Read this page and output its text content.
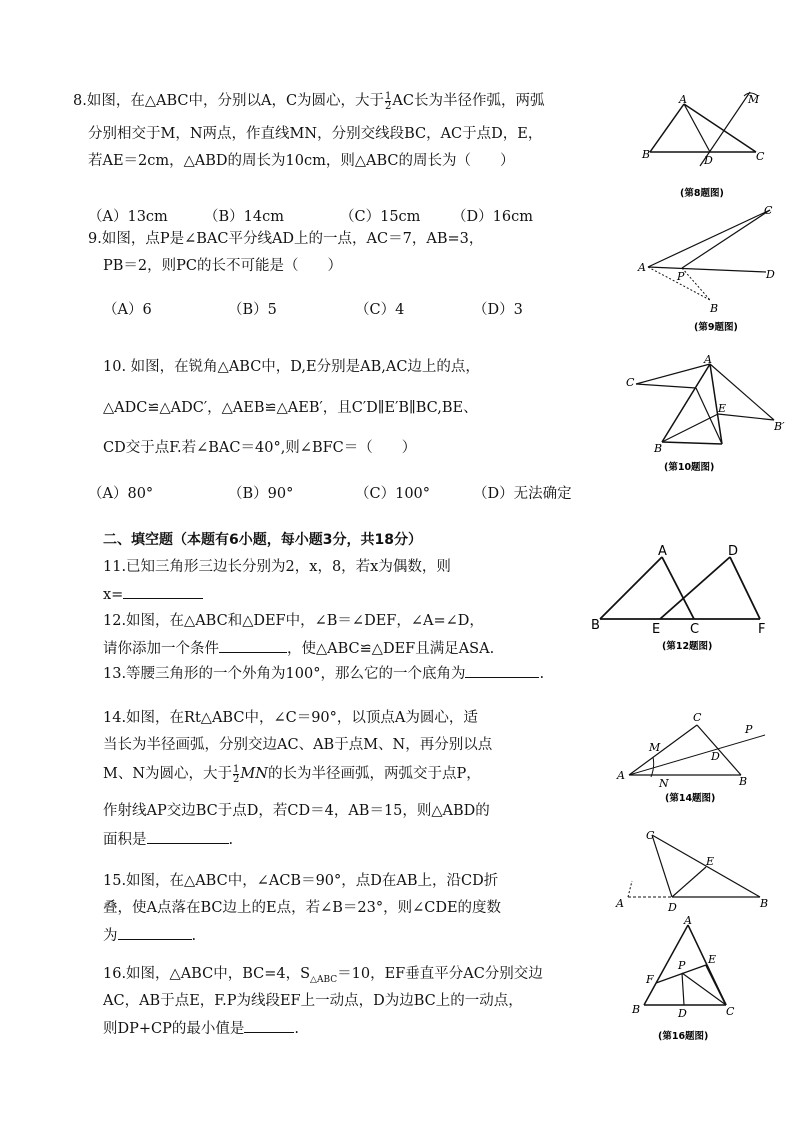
8.如图，在△ABC中，分别以A，C为圆心，大于 $\frac{1}{2}$ AC长为半径作弧，两弧
分别相交于M，N两点，作直线MN，分别交线段BC，AC于点D，E，
若AE＝2cm，△ABD的周长为10cm，则△ABC的周长为（　　）
（A）13cm （B）14cm	（C）15cm （D）16cm
A	M
B	D	C
(第8题图)
9.如图，点P是∠BAC平分线AD上的一点，AC＝7，AB=3，
PB＝2，则PC的长不可能是（　　）
（A）6	（B）5	（C）4	（D）3
C
A
P	D
B
(第9题图)
10. 如图，在锐角△ABC中，D,E分别是AB,AC边上的点，
△ADC≌△ADC′，△AEB≌△AEB′，且C′D∥E′B∥BC,BE、
CD交于点F.若∠BAC＝40°,则∠BFC＝（　　）
（A）80°	（B）90°	（C）100°	（D）无法确定
A
C
E
B
B′
(第10题图)
二、填空题（本题有6小题，每小题3分，共18分）
11.已知三角形三边长分别为2，x，8，若x为偶数，则
x=
12.如图，在△ABC和△DEF中，∠B＝∠DEF，∠A=∠D，
请你添加一个条件	，使△ABC≌△DEF且满足ASA.
A	D
B	E C	F
(第12题图)
13.等腰三角形的一个外角为100°，那么它的一个底角为	.
14.如图，在Rt△ABC中，∠C＝90°，以顶点A为圆心，适
当长为半径画弧，分别交边AC、AB于点M、N，再分别以点
M、N为圆心，大于 $\frac{1}{2}$ MN的长为半径画弧，两弧交于点P，
作射线AP交边BC于点D，若CD＝4，AB＝15，则△ABD的
面积是	.
C
P
M
D
A
N	B
(第14题图)
15.如图，在△ABC中，∠ACB＝90°，点D在AB上，沿CD折
叠，使A点落在BC边上的E点，若∠B＝23°，则∠CDE的度数
为	.
C
E
A	D	B
16.如图，△ABC中，BC=4，$S_{\triangle ABC}=10$，EF垂直平分AC分别交边
AC，AB于点E，F.P为线段EF上一动点，D为边BC上的一动点，
则DP+CP的最小值是	.
A
F
P E
B	D	C
(第16题图)
